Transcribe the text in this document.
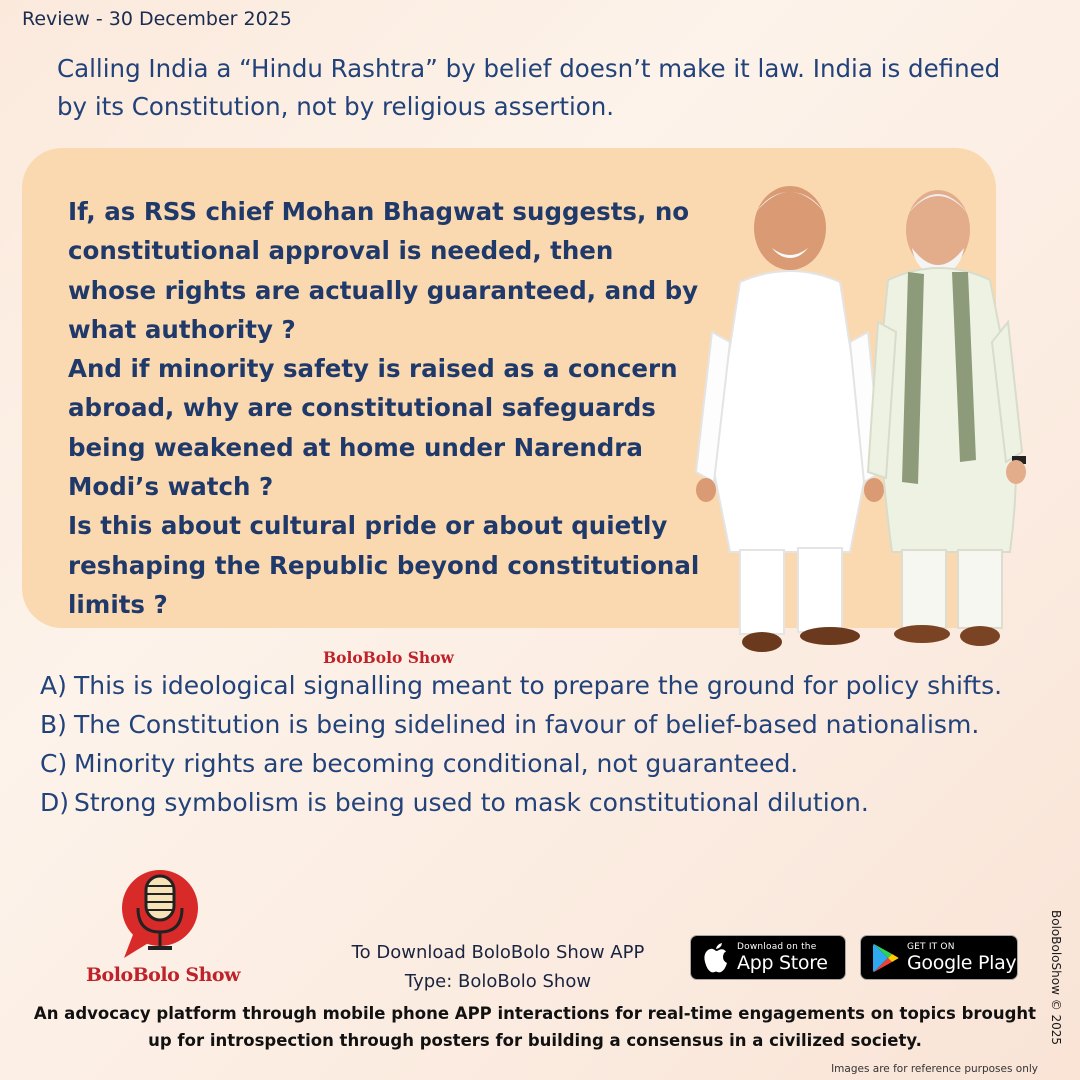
Review - 30 December 2025
Calling India a “Hindu Rashtra” by belief doesn’t make it law. India is defined by its Constitution, not by religious assertion.

If, as RSS chief Mohan Bhagwat suggests, no constitutional approval is needed, then whose rights are actually guaranteed, and by what authority ?

And if minority safety is raised as a concern abroad, why are constitutional safeguards being weakened at home under Narendra Modi’s watch ?

Is this about cultural pride or about quietly reshaping the Republic beyond constitutional limits ?

BoloBolo Show
A) This is ideological signalling meant to prepare the ground for policy shifts.
B) The Constitution is being sidelined in favour of belief-based nationalism.
C) Minority rights are becoming conditional, not guaranteed.
D) Strong symbolism is being used to mask constitutional dilution.
BoloBolo Show
To Download BoloBolo Show APP
Type: BoloBolo Show
Download on the
App Store
GET IT ON
Google Play
An advocacy platform through mobile phone APP interactions for real-time engagements on topics brought up for introspection through posters for building a consensus in a civilized society.	BoloBoloShow © 2025
Images are for reference purposes only
